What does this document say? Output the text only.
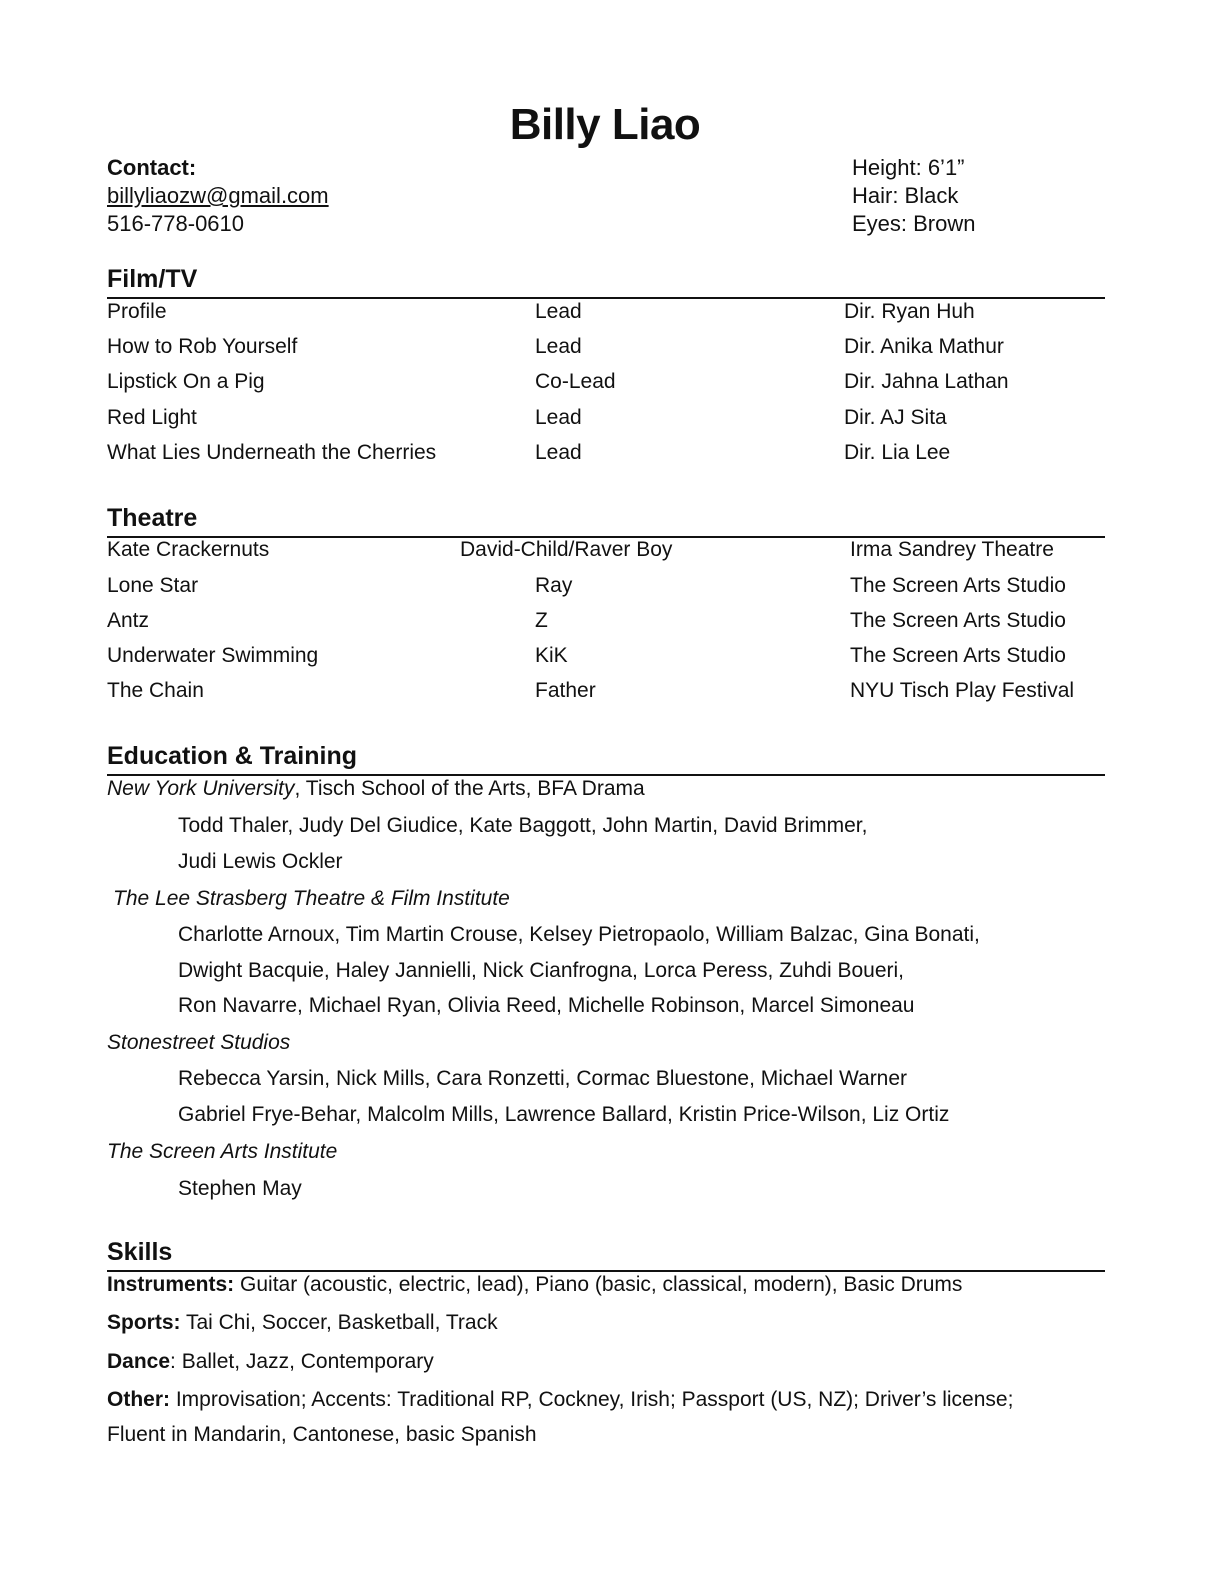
Billy Liao
Contact:
billyliaozw@gmail.com
516-778-0610
Height: 6’1”
Hair: Black
Eyes: Brown
Film/TV
Profile	Lead	Dir. Ryan Huh
How to Rob Yourself	Lead	Dir. Anika Mathur
Lipstick On a Pig	Co-Lead	Dir. Jahna Lathan
Red Light	Lead	Dir. AJ Sita
What Lies Underneath the Cherries	Lead	Dir. Lia Lee
Theatre
Kate Crackernuts	David-Child/Raver Boy	Irma Sandrey Theatre
Lone Star	Ray	The Screen Arts Studio
Antz	Z	The Screen Arts Studio
Underwater Swimming	KiK	The Screen Arts Studio
The Chain	Father	NYU Tisch Play Festival
Education & Training
New York University, Tisch School of the Arts, BFA Drama
Todd Thaler, Judy Del Giudice, Kate Baggott, John Martin, David Brimmer,
Judi Lewis Ockler
The Lee Strasberg Theatre & Film Institute
Charlotte Arnoux, Tim Martin Crouse, Kelsey Pietropaolo, William Balzac, Gina Bonati,
Dwight Bacquie, Haley Jannielli, Nick Cianfrogna, Lorca Peress, Zuhdi Boueri,
Ron Navarre, Michael Ryan, Olivia Reed, Michelle Robinson, Marcel Simoneau
Stonestreet Studios
Rebecca Yarsin, Nick Mills, Cara Ronzetti, Cormac Bluestone, Michael Warner
Gabriel Frye-Behar, Malcolm Mills, Lawrence Ballard, Kristin Price-Wilson, Liz Ortiz
The Screen Arts Institute
Stephen May
Skills
Instruments: Guitar (acoustic, electric, lead), Piano (basic, classical, modern), Basic Drums
Sports: Tai Chi, Soccer, Basketball, Track
Dance: Ballet, Jazz, Contemporary
Other: Improvisation; Accents: Traditional RP, Cockney, Irish; Passport (US, NZ); Driver’s license;
Fluent in Mandarin, Cantonese, basic Spanish
